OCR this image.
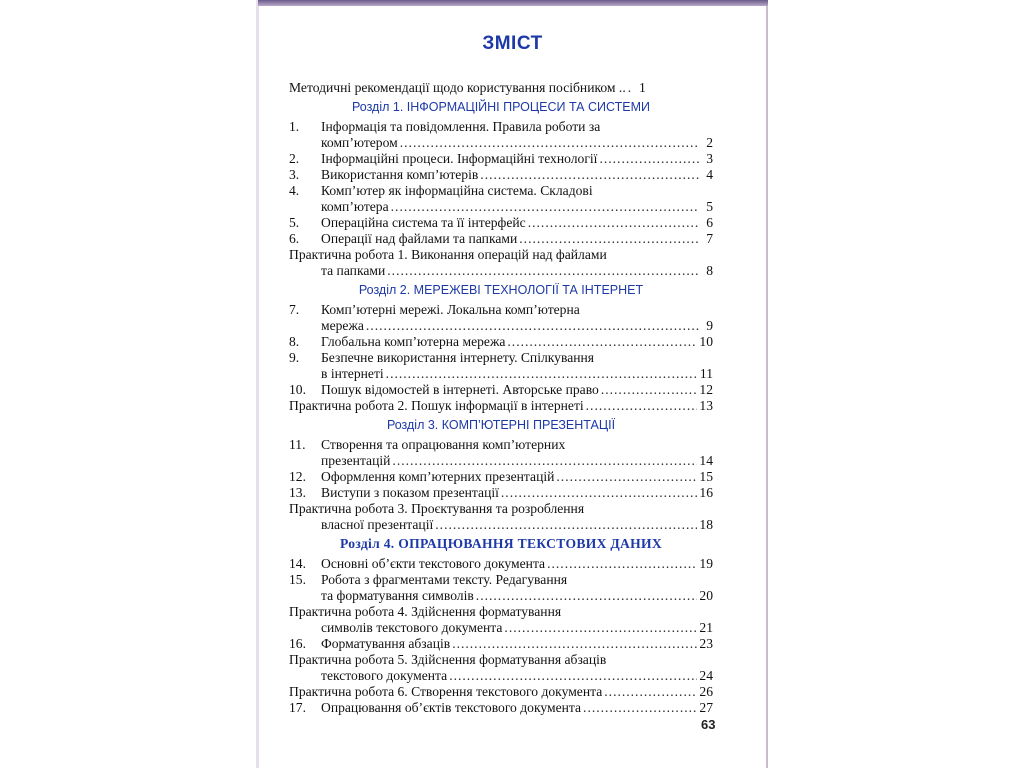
ЗМІСТ
Методичні рекомендації щодо користування посібником .. ..... 1
Розділ 1. ІНФОРМАЦІЙНІ ПРОЦЕСИ ТА СИСТЕМИ
1.	Інформація та повідомлення. Правила роботи за
комп’ютером .....	2
2.	Інформаційні процеси. Інформаційні технології .....	3
3.	Використання комп’ютерів .....	4
4.	Комп’ютер як інформаційна система. Складові
комп’ютера .....	5
5.	Операційна система та її інтерфейс .....	6
6.	Операції над файлами та папками .....	7
Практична робота 1. Виконання операцій над файлами
та папками .....	8
Розділ 2. МЕРЕЖЕВІ ТЕХНОЛОГІЇ ТА ІНТЕРНЕТ
7.	Комп’ютерні мережі. Локальна комп’ютерна
мережа .....	9
8.	Глобальна комп’ютерна мережа .....	10
9.	Безпечне використання інтернету. Спілкування
в інтернеті .....	11
10.	Пошук відомостей в інтернеті. Авторське право .....	12
Практична робота 2. Пошук інформації в інтернеті .....	13
Розділ 3. КОМП’ЮТЕРНІ ПРЕЗЕНТАЦІЇ
11.	Створення та опрацювання комп’ютерних
презентацій .....	14
12.	Оформлення комп’ютерних презентацій .....	15
13.	Виступи з показом презентації .....	16
Практична робота 3. Проєктування та розроблення
власної презентації .....	18
Розділ 4. ОПРАЦЮВАННЯ ТЕКСТОВИХ ДАНИХ
14.	Основні об’єкти текстового документа .....	19
15.	Робота з фрагментами тексту. Редагування
та форматування символів .....	20
Практична робота 4. Здійснення форматування
символів текстового документа .....	21
16.	Форматування абзаців .....	23
Практична робота 5. Здійснення форматування абзаців
текстового документа .....	24
Практична робота 6. Створення текстового документа .....	26
17.	Опрацювання об’єктів текстового документа .....	27
63
